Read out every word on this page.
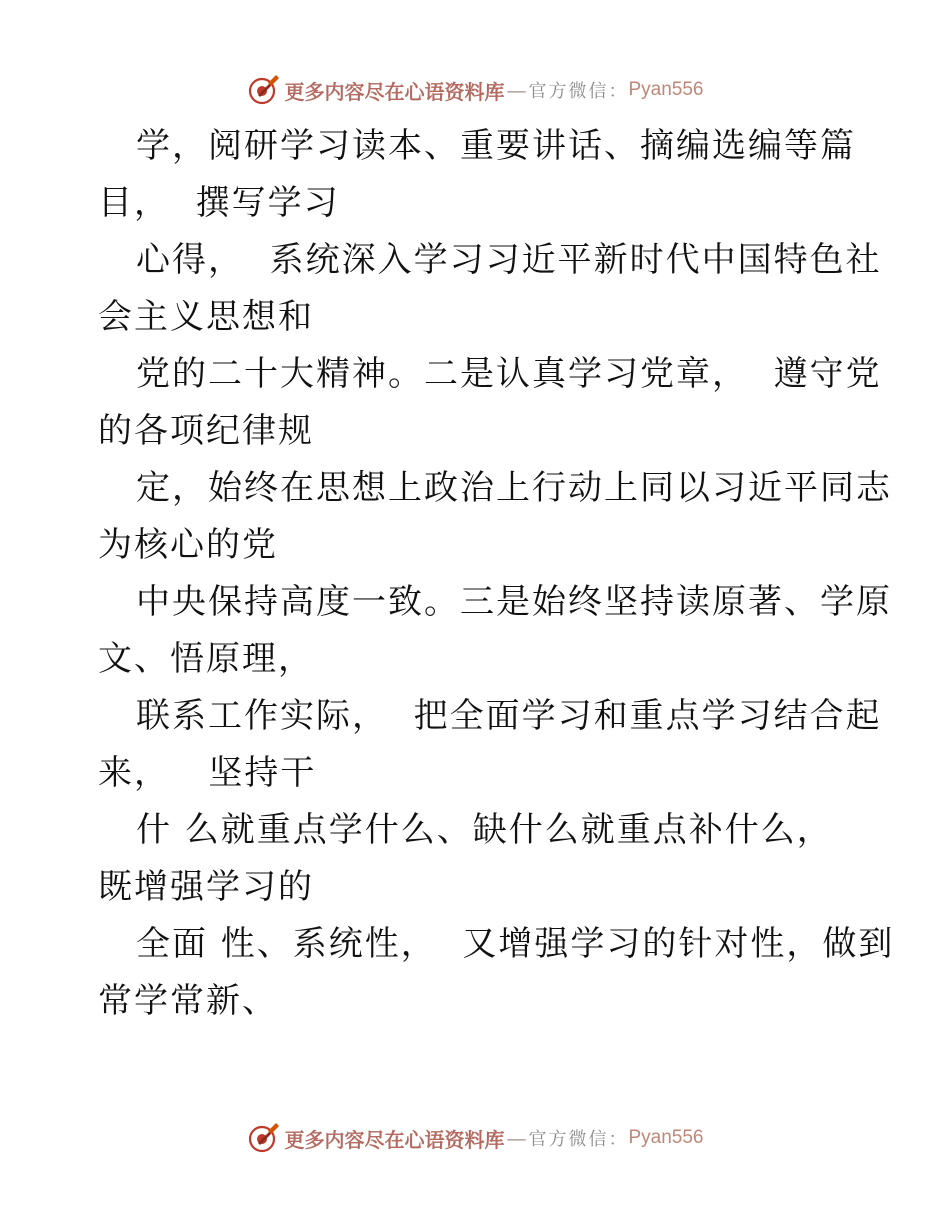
更多内容尽在心语资料库 — 官方微信： Pyan556
学，阅研学习读本、重要讲话、摘编选编等篇
目，  撰写学习
心得，  系统深入学习习近平新时代中国特色社
会主义思想和
党的二十大精神。二是认真学习党章，  遵守党
的各项纪律规
定，始终在思想上政治上行动上同以习近平同志
为核心的党
中央保持高度一致。三是始终坚持读原著、学原
文、悟原理，
联系工作实际，  把全面学习和重点学习结合起
来，   坚持干
什 么就重点学什么、缺什么就重点补什么，
既增强学习的
全面 性、系统性，  又增强学习的针对性，做到
常学常新、
更多内容尽在心语资料库 — 官方微信： Pyan556
